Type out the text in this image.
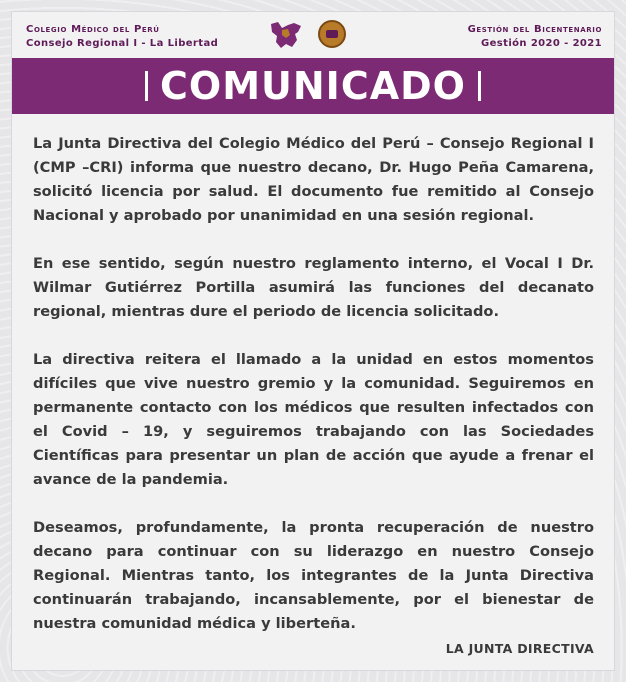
Colegio Médico del Perú
Consejo Regional I - La Libertad
Gestión del Bicentenario
Gestión 2020 - 2021
COMUNICADO

La Junta Directiva del Colegio Médico del Perú – Consejo Regional I (CMP –CRI) informa que nuestro decano, Dr. Hugo Peña Camarena, solicitó licencia por salud. El documento fue remitido al Consejo Nacional y aprobado por unanimidad en una sesión regional.

En ese sentido, según nuestro reglamento interno, el Vocal I Dr. Wilmar Gutiérrez Portilla asumirá las funciones del decanato regional, mientras dure el periodo de licencia solicitado.

La directiva reitera el llamado a la unidad en estos momentos difíciles que vive nuestro gremio y la comunidad. Seguiremos en permanente contacto con los médicos que resulten infectados con el Covid – 19, y seguiremos trabajando con las Sociedades Científicas para presentar un plan de acción que ayude a frenar el avance de la pandemia.

Deseamos, profundamente, la pronta recuperación de nuestro decano para continuar con su liderazgo en nuestro Consejo Regional. Mientras tanto, los integrantes de la Junta Directiva continuarán trabajando, incansablemente, por el bienestar de nuestra comunidad médica y liberteña.

LA JUNTA DIRECTIVA
